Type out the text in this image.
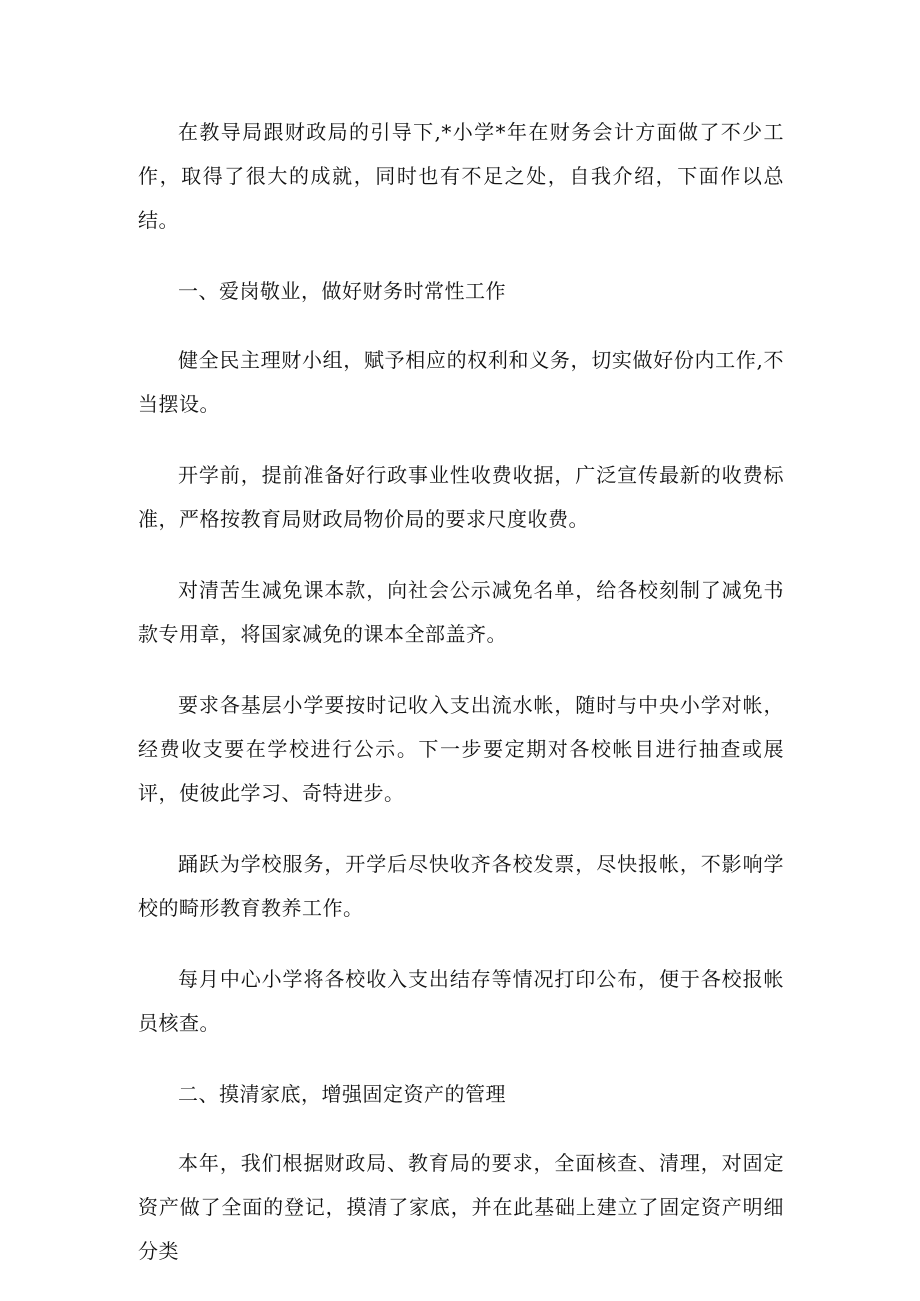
在教导局跟财政局的引导下,*小学*年在财务会计方面做了不少工作，取得了很大的成就，同时也有不足之处，自我介绍，下面作以总结。

一、爱岗敬业，做好财务时常性工作

健全民主理财小组，赋予相应的权利和义务，切实做好份内工作,不当摆设。

开学前，提前准备好行政事业性收费收据，广泛宣传最新的收费标准，严格按教育局财政局物价局的要求尺度收费。

对清苦生减免课本款，向社会公示减免名单，给各校刻制了减免书款专用章，将国家减免的课本全部盖齐。

要求各基层小学要按时记收入支出流水帐，随时与中央小学对帐，经费收支要在学校进行公示。下一步要定期对各校帐目进行抽查或展评，使彼此学习、奇特进步。

踊跃为学校服务，开学后尽快收齐各校发票，尽快报帐，不影响学校的畸形教育教养工作。

每月中心小学将各校收入支出结存等情况打印公布，便于各校报帐员核查。

二、摸清家底，增强固定资产的管理

本年，我们根据财政局、教育局的要求，全面核查、清理，对固定资产做了全面的登记，摸清了家底，并在此基础上建立了固定资产明细分类
